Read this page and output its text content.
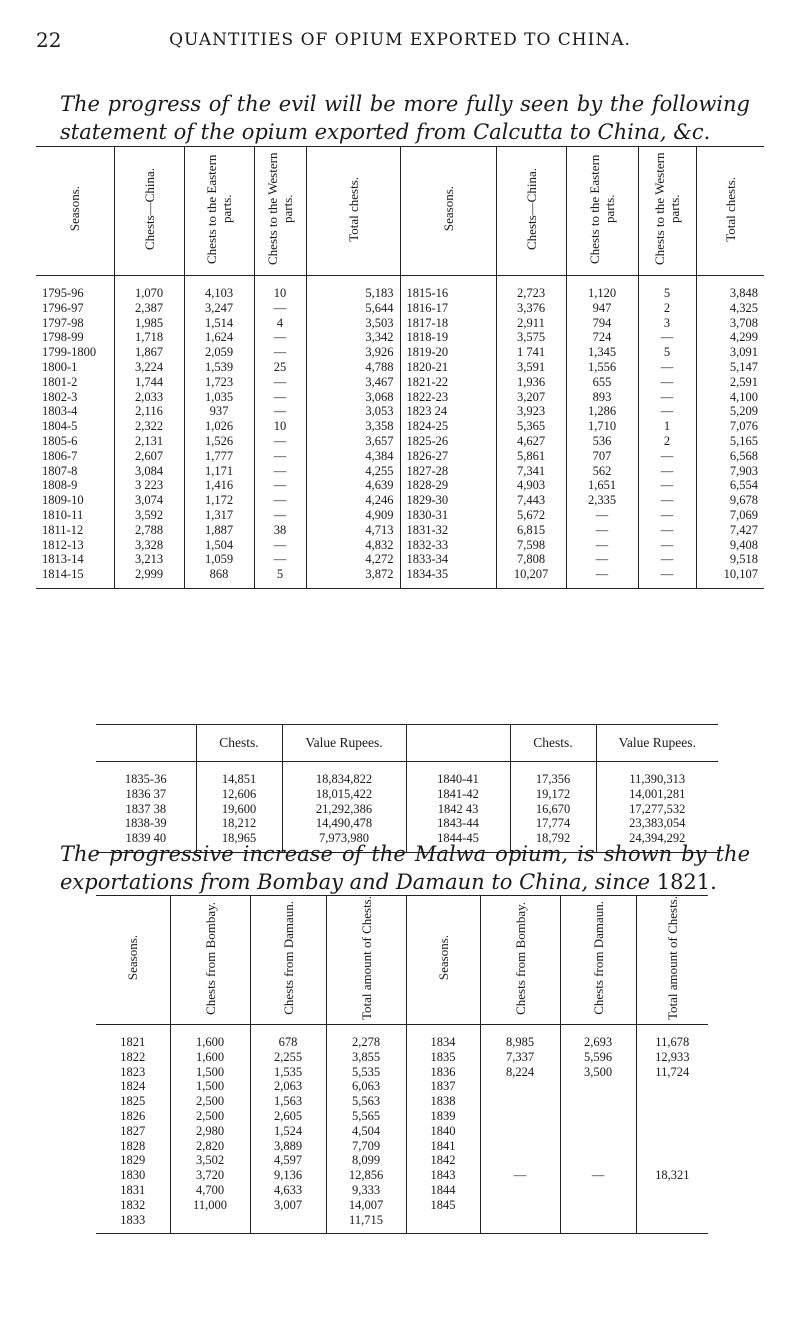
22	QUANTITIES OF OPIUM EXPORTED TO CHINA.
The progress of the evil will be more fully seen by the following statement of the opium exported from Calcutta to China, &c.
Seasons.	Chests—China.	Chests to the Eastern parts.	Chests to the Western parts.	Total chests.	Seasons.	Chests—China.	Chests to the Eastern parts.	Chests to the Western parts.	Total chests.
1795-96	1,070	4,103	10	5,183	1815-16	2,723	1,120	5	3,848
1796-97	2,387	3,247	—	5,644	1816-17	3,376	947	2	4,325
1797-98	1,985	1,514	4	3,503	1817-18	2,911	794	3	3,708
1798-99	1,718	1,624	—	3,342	1818-19	3,575	724	—	4,299
1799-1800	1,867	2,059	—	3,926	1819-20	1 741	1,345	5	3,091
1800-1	3,224	1,539	25	4,788	1820-21	3,591	1,556	—	5,147
1801-2	1,744	1,723	—	3,467	1821-22	1,936	655	—	2,591
1802-3	2,033	1,035	—	3,068	1822-23	3,207	893	—	4,100
1803-4	2,116	937	—	3,053	1823 24	3,923	1,286	—	5,209
1804-5	2,322	1,026	10	3,358	1824-25	5,365	1,710	1	7,076
1805-6	2,131	1,526	—	3,657	1825-26	4,627	536	2	5,165
1806-7	2,607	1,777	—	4,384	1826-27	5,861	707	—	6,568
1807-8	3,084	1,171	—	4,255	1827-28	7,341	562	—	7,903
1808-9	3 223	1,416	—	4,639	1828-29	4,903	1,651	—	6,554
1809-10	3,074	1,172	—	4,246	1829-30	7,443	2,335	—	9,678
1810-11	3,592	1,317	—	4,909	1830-31	5,672	—	—	7,069
1811-12	2,788	1,887	38	4,713	1831-32	6,815	—	—	7,427
1812-13	3,328	1,504	—	4,832	1832-33	7,598	—	—	9,408
1813-14	3,213	1,059	—	4,272	1833-34	7,808	—	—	9,518
1814-15	2,999	868	5	3,872	1834-35	10,207	—	—	10,107
	Chests.	Value Rupees.		Chests.	Value Rupees.
1835-36	14,851	18,834,822	1840-41	17,356	11,390,313
1836 37	12,606	18,015,422	1841-42	19,172	14,001,281
1837 38	19,600	21,292,386	1842 43	16,670	17,277,532
1838-39	18,212	14,490,478	1843-44	17,774	23,383,054
1839 40	18,965	7,973,980	1844-45	18,792	24,394,292
The progressive increase of the Malwa opium, is shown by the exportations from Bombay and Damaun to China, since 1821.
Seasons.	Chests from Bombay.	Chests from Damaun.	Total amount of Chests.	Seasons.	Chests from Bombay.	Chests from Damaun.	Total amount of Chests.
1821	1,600	678	2,278	1834	8,985	2,693	11,678
1822	1,600	2,255	3,855	1835	7,337	5,596	12,933
1823	1,500	1,535	5,535	1836	8,224	3,500	11,724
1824	1,500	2,063	6,063	1837			
1825	2,500	1,563	5,563	1838			
1826	2,500	2,605	5,565	1839			
1827	2,980	1,524	4,504	1840			
1828	2,820	3,889	7,709	1841			
1829	3,502	4,597	8,099	1842			
1830	3,720	9,136	12,856	1843	—	—	18,321
1831	4,700	4,633	9,333	1844			
1832	11,000	3,007	14,007	1845			
1833			11,715				
